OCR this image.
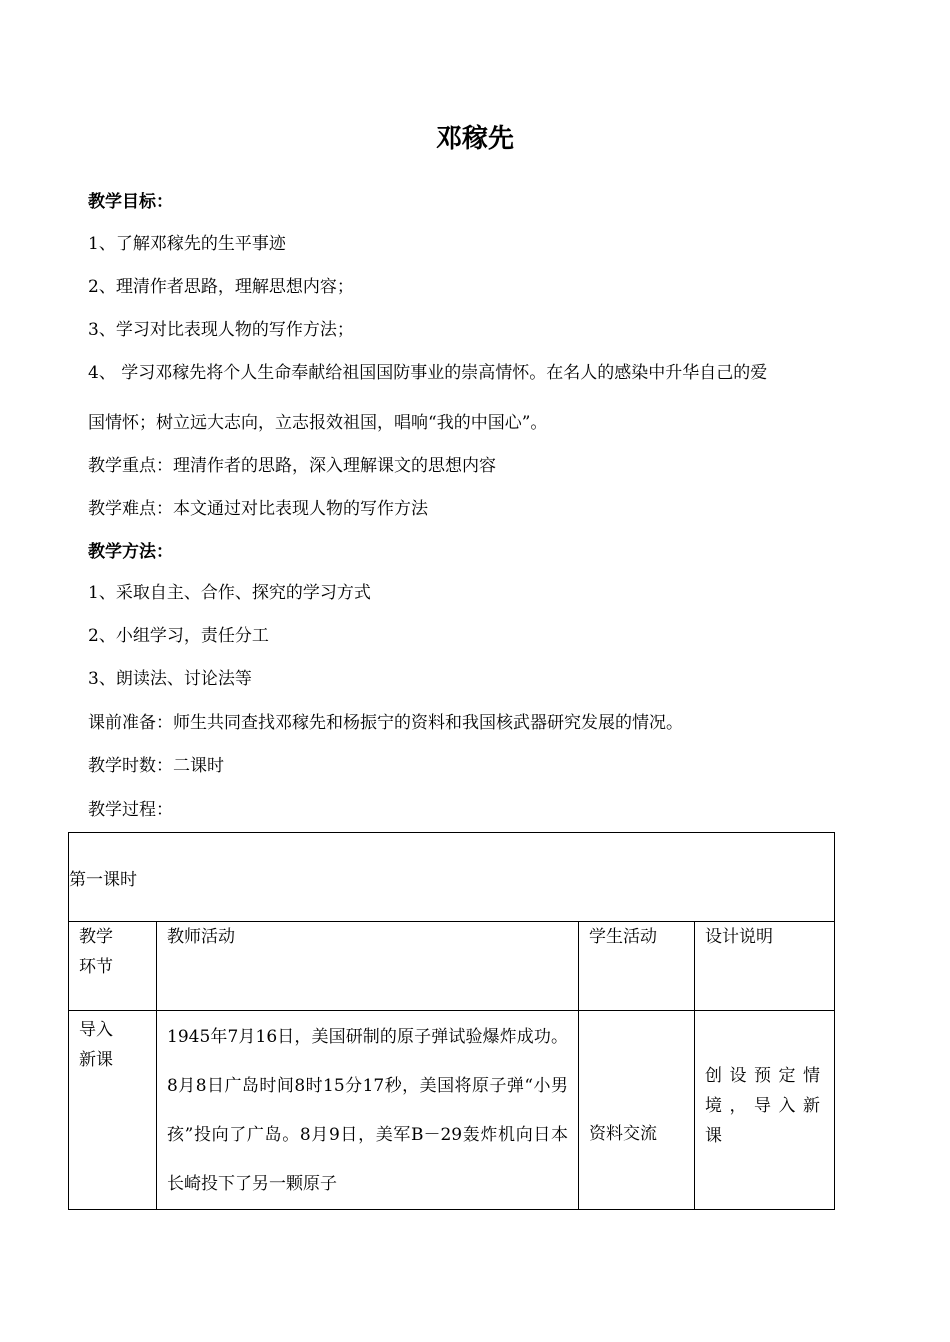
邓稼先
教学目标：
1、了解邓稼先的生平事迹
2、理清作者思路，理解思想内容；
3、学习对比表现人物的写作方法；
4、 学习邓稼先将个人生命奉献给祖国国防事业的崇高情怀。在名人的感染中升华自己的爱
国情怀；树立远大志向，立志报效祖国，唱响“我的中国心”。
教学重点：理清作者的思路，深入理解课文的思想内容
教学难点：本文通过对比表现人物的写作方法
教学方法：
1、采取自主、合作、探究的学习方式
2、小组学习，责任分工
3、朗读法、讨论法等
课前准备：师生共同查找邓稼先和杨振宁的资料和我国核武器研究发展的情况。
教学时数：二课时
教学过程：
第一课时			

教学
环节	教师活动	学生活动	设计说明

导入
新课	1945年7月16日，美国研制的原子弹试验爆炸成功。8月8日广岛时间8时15分17秒，美国将原子弹“小男孩”投向了广岛。8月9日，美军B－29轰炸机向日本长崎投下了另一颗原子	资料交流	创设预定情境，导入新课
